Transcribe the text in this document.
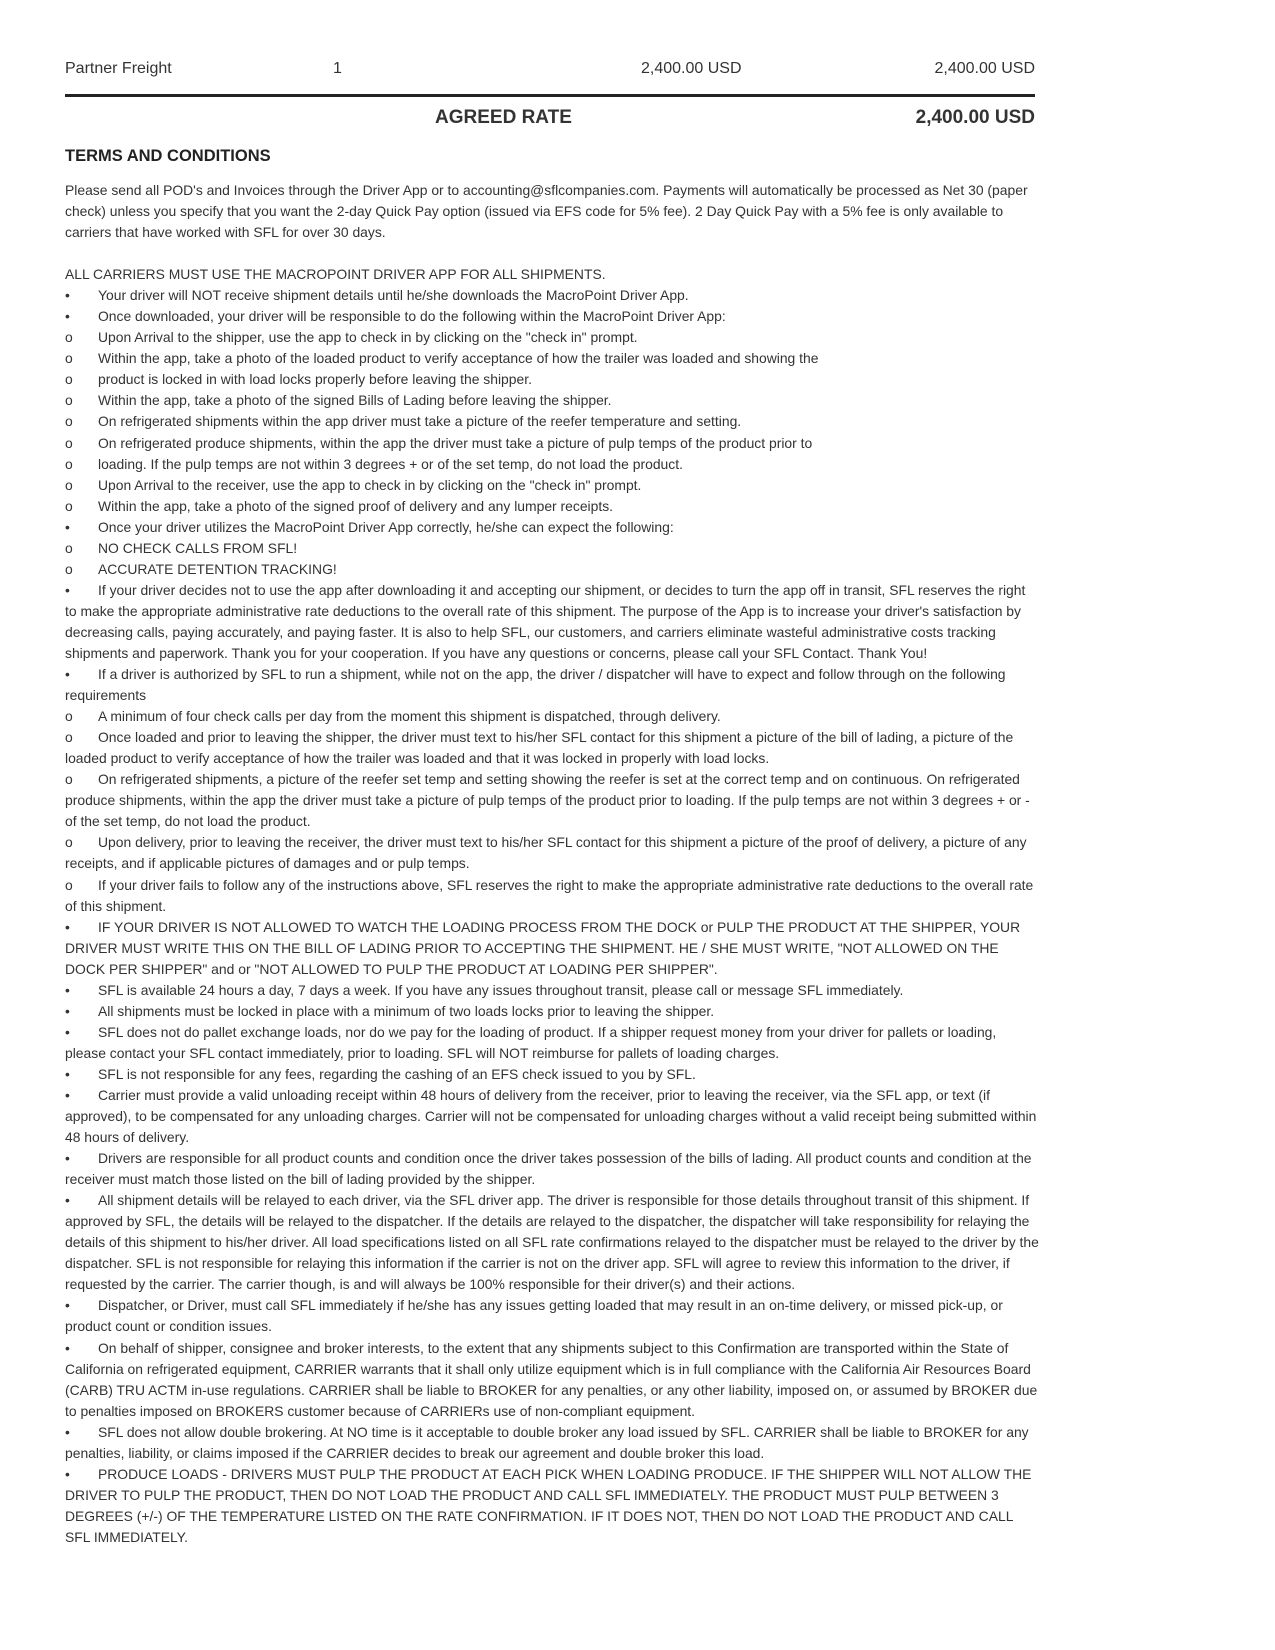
Partner Freight	1	2,400.00 USD	2,400.00 USD
AGREED RATE	2,400.00 USD
TERMS AND CONDITIONS

Please send all POD's and Invoices through the Driver App or to accounting@sflcompanies.com. Payments will automatically be processed as Net 30 (paper check) unless you specify that you want the 2-day Quick Pay option (issued via EFS code for 5% fee). 2 Day Quick Pay with a 5% fee is only available to carriers that have worked with SFL for over 30 days.

ALL CARRIERS MUST USE THE MACROPOINT DRIVER APP FOR ALL SHIPMENTS.

•	Your driver will NOT receive shipment details until he/she downloads the MacroPoint Driver App.
•	Once downloaded, your driver will be responsible to do the following within the MacroPoint Driver App:
o	Upon Arrival to the shipper, use the app to check in by clicking on the "check in" prompt.
o	Within the app, take a photo of the loaded product to verify acceptance of how the trailer was loaded and showing the
o	product is locked in with load locks properly before leaving the shipper.
o	Within the app, take a photo of the signed Bills of Lading before leaving the shipper.
o	On refrigerated shipments within the app driver must take a picture of the reefer temperature and setting.
o	On refrigerated produce shipments, within the app the driver must take a picture of pulp temps of the product prior to
o	loading. If the pulp temps are not within 3 degrees + or of the set temp, do not load the product.
o	Upon Arrival to the receiver, use the app to check in by clicking on the "check in" prompt.
o	Within the app, take a photo of the signed proof of delivery and any lumper receipts.
•	Once your driver utilizes the MacroPoint Driver App correctly, he/she can expect the following:
o	NO CHECK CALLS FROM SFL!
o	ACCURATE DETENTION TRACKING!
•	If your driver decides not to use the app after downloading it and accepting our shipment, or decides to turn the app off in transit, SFL reserves the right to make the appropriate administrative rate deductions to the overall rate of this shipment. The purpose of the App is to increase your driver's satisfaction by decreasing calls, paying accurately, and paying faster. It is also to help SFL, our customers, and carriers eliminate wasteful administrative costs tracking shipments and paperwork. Thank you for your cooperation. If you have any questions or concerns, please call your SFL Contact. Thank You!
•	If a driver is authorized by SFL to run a shipment, while not on the app, the driver / dispatcher will have to expect and follow through on the following requirements
o	A minimum of four check calls per day from the moment this shipment is dispatched, through delivery.
o	Once loaded and prior to leaving the shipper, the driver must text to his/her SFL contact for this shipment a picture of the bill of lading, a picture of the loaded product to verify acceptance of how the trailer was loaded and that it was locked in properly with load locks.
o	On refrigerated shipments, a picture of the reefer set temp and setting showing the reefer is set at the correct temp and on continuous. On refrigerated produce shipments, within the app the driver must take a picture of pulp temps of the product prior to loading. If the pulp temps are not within 3 degrees + or - of the set temp, do not load the product.
o	Upon delivery, prior to leaving the receiver, the driver must text to his/her SFL contact for this shipment a picture of the proof of delivery, a picture of any receipts, and if applicable pictures of damages and or pulp temps.
o	If your driver fails to follow any of the instructions above, SFL reserves the right to make the appropriate administrative rate deductions to the overall rate of this shipment.
•	IF YOUR DRIVER IS NOT ALLOWED TO WATCH THE LOADING PROCESS FROM THE DOCK or PULP THE PRODUCT AT THE SHIPPER, YOUR DRIVER MUST WRITE THIS ON THE BILL OF LADING PRIOR TO ACCEPTING THE SHIPMENT. HE / SHE MUST WRITE, "NOT ALLOWED ON THE DOCK PER SHIPPER" and or "NOT ALLOWED TO PULP THE PRODUCT AT LOADING PER SHIPPER".
•	SFL is available 24 hours a day, 7 days a week. If you have any issues throughout transit, please call or message SFL immediately.
•	All shipments must be locked in place with a minimum of two loads locks prior to leaving the shipper.
•	SFL does not do pallet exchange loads, nor do we pay for the loading of product. If a shipper request money from your driver for pallets or loading, please contact your SFL contact immediately, prior to loading. SFL will NOT reimburse for pallets of loading charges.
•	SFL is not responsible for any fees, regarding the cashing of an EFS check issued to you by SFL.
•	Carrier must provide a valid unloading receipt within 48 hours of delivery from the receiver, prior to leaving the receiver, via the SFL app, or text (if approved), to be compensated for any unloading charges. Carrier will not be compensated for unloading charges without a valid receipt being submitted within 48 hours of delivery.
•	Drivers are responsible for all product counts and condition once the driver takes possession of the bills of lading. All product counts and condition at the receiver must match those listed on the bill of lading provided by the shipper.
•	All shipment details will be relayed to each driver, via the SFL driver app. The driver is responsible for those details throughout transit of this shipment. If approved by SFL, the details will be relayed to the dispatcher. If the details are relayed to the dispatcher, the dispatcher will take responsibility for relaying the details of this shipment to his/her driver. All load specifications listed on all SFL rate confirmations relayed to the dispatcher must be relayed to the driver by the dispatcher. SFL is not responsible for relaying this information if the carrier is not on the driver app. SFL will agree to review this information to the driver, if requested by the carrier. The carrier though, is and will always be 100% responsible for their driver(s) and their actions.
•	Dispatcher, or Driver, must call SFL immediately if he/she has any issues getting loaded that may result in an on-time delivery, or missed pick-up, or product count or condition issues.
•	On behalf of shipper, consignee and broker interests, to the extent that any shipments subject to this Confirmation are transported within the State of California on refrigerated equipment, CARRIER warrants that it shall only utilize equipment which is in full compliance with the California Air Resources Board (CARB) TRU ACTM in-use regulations. CARRIER shall be liable to BROKER for any penalties, or any other liability, imposed on, or assumed by BROKER due to penalties imposed on BROKERS customer because of CARRIERs use of non-compliant equipment.
•	SFL does not allow double brokering. At NO time is it acceptable to double broker any load issued by SFL. CARRIER shall be liable to BROKER for any penalties, liability, or claims imposed if the CARRIER decides to break our agreement and double broker this load.
•	PRODUCE LOADS - DRIVERS MUST PULP THE PRODUCT AT EACH PICK WHEN LOADING PRODUCE. IF THE SHIPPER WILL NOT ALLOW THE DRIVER TO PULP THE PRODUCT, THEN DO NOT LOAD THE PRODUCT AND CALL SFL IMMEDIATELY. THE PRODUCT MUST PULP BETWEEN 3 DEGREES (+/-) OF THE TEMPERATURE LISTED ON THE RATE CONFIRMATION. IF IT DOES NOT, THEN DO NOT LOAD THE PRODUCT AND CALL SFL IMMEDIATELY.
